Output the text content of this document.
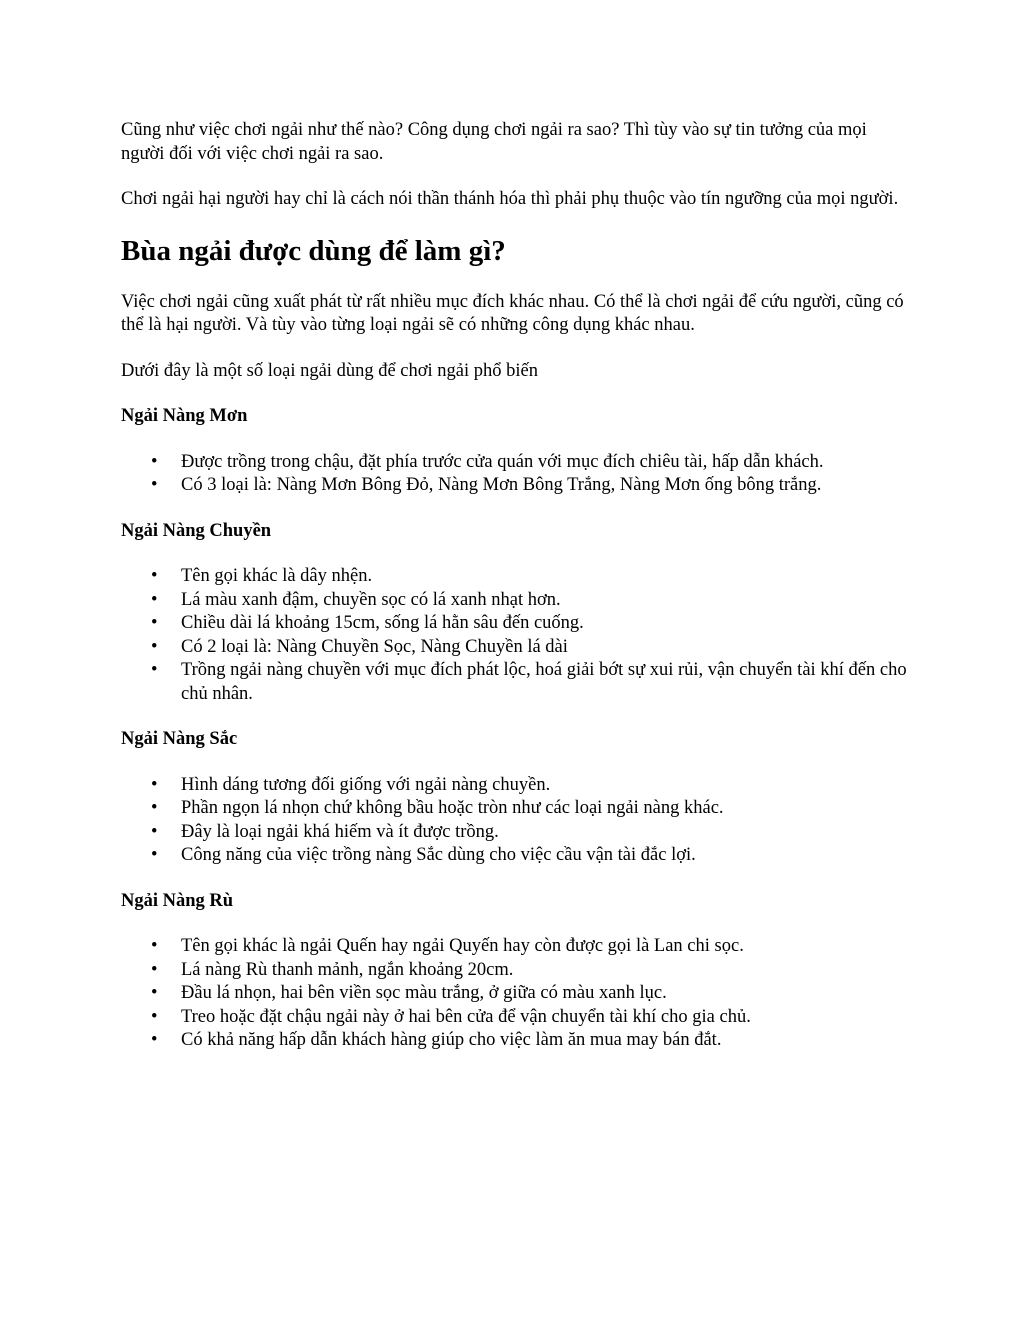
Cũng như việc chơi ngải như thế nào? Công dụng chơi ngải ra sao? Thì tùy vào sự tin tưởng của mọi người đối với việc chơi ngải ra sao.

Chơi ngải hại người hay chỉ là cách nói thần thánh hóa thì phải phụ thuộc vào tín ngưỡng của mọi người.

Bùa ngải được dùng để làm gì?

Việc chơi ngải cũng xuất phát từ rất nhiều mục đích khác nhau. Có thể là chơi ngải để cứu người, cũng có thể là hại người. Và tùy vào từng loại ngải sẽ có những công dụng khác nhau.

Dưới đây là một số loại ngải dùng để chơi ngải phổ biến

Ngải Nàng Mơn
• Được trồng trong chậu, đặt phía trước cửa quán với mục đích chiêu tài, hấp dẫn khách.
• Có 3 loại là: Nàng Mơn Bông Đỏ, Nàng Mơn Bông Trắng, Nàng Mơn ống bông trắng.
Ngải Nàng Chuyền
• Tên gọi khác là dây nhện.
• Lá màu xanh đậm, chuyền sọc có lá xanh nhạt hơn.
• Chiều dài lá khoảng 15cm, sống lá hằn sâu đến cuống.
• Có 2 loại là: Nàng Chuyền Sọc, Nàng Chuyền lá dài
• Trồng ngải nàng chuyền với mục đích phát lộc, hoá giải bớt sự xui rủi, vận chuyển tài khí đến cho chủ nhân.
Ngải Nàng Sắc
• Hình dáng tương đối giống với ngải nàng chuyền.
• Phần ngọn lá nhọn chứ không bầu hoặc tròn như các loại ngải nàng khác.
• Đây là loại ngải khá hiếm và ít được trồng.
• Công năng của việc trồng nàng Sắc dùng cho việc cầu vận tài đắc lợi.
Ngải Nàng Rù
• Tên gọi khác là ngải Quến hay ngải Quyến hay còn được gọi là Lan chi sọc.
• Lá nàng Rù thanh mảnh, ngắn khoảng 20cm.
• Đầu lá nhọn, hai bên viền sọc màu trắng, ở giữa có màu xanh lục.
• Treo hoặc đặt chậu ngải này ở hai bên cửa để vận chuyển tài khí cho gia chủ.
• Có khả năng hấp dẫn khách hàng giúp cho việc làm ăn mua may bán đắt.
